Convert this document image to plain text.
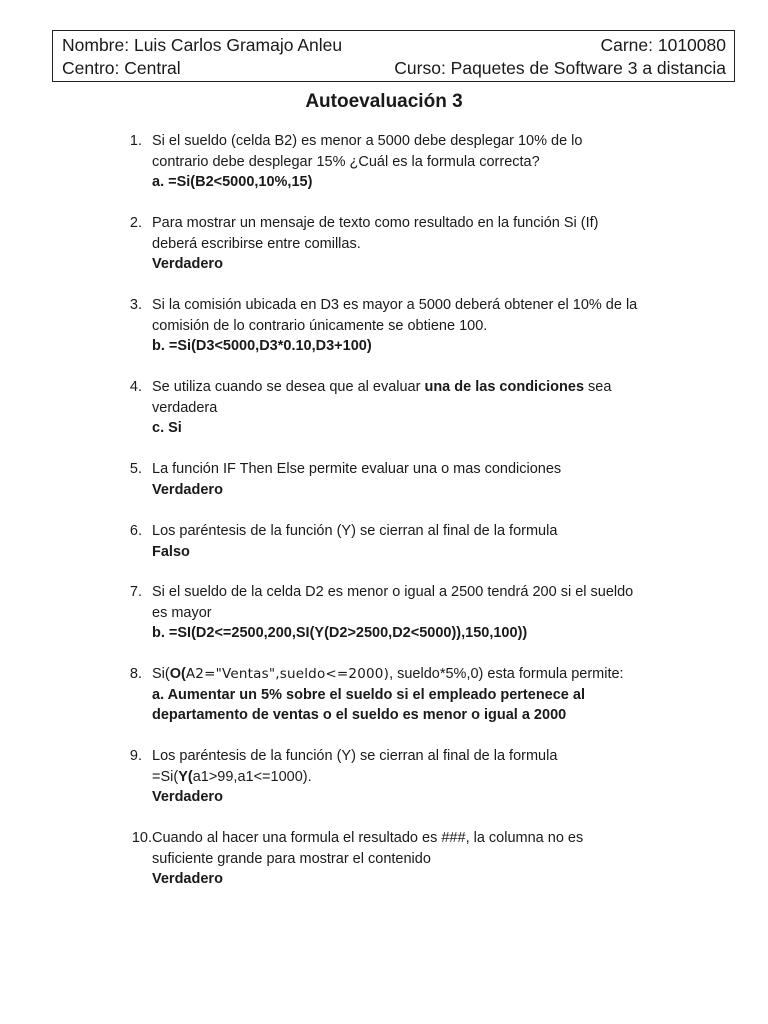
Nombre: Luis Carlos Gramajo Anleu	Carne: 1010080
Centro: Central	Curso: Paquetes de Software 3 a distancia
Autoevaluación 3
1. Si el sueldo (celda B2) es menor a 5000 debe desplegar 10% de lo
contrario debe desplegar 15% ¿Cuál es la formula correcta?
a. =Si(B2<5000,10%,15)
2. Para mostrar un mensaje de texto como resultado en la función Si (If)
deberá escribirse entre comillas.
Verdadero
3. Si la comisión ubicada en D3 es mayor a 5000 deberá obtener el 10% de la
comisión de lo contrario únicamente se obtiene 100.
b. =Si(D3<5000,D3*0.10,D3+100)
4. Se utiliza cuando se desea que al evaluar una de las condiciones sea
verdadera
c. Si
5. La función IF Then Else permite evaluar una o mas condiciones
Verdadero
6. Los paréntesis de la función (Y) se cierran al final de la formula
Falso
7. Si el sueldo de la celda D2 es menor o igual a 2500 tendrá 200 si el sueldo
es mayor
b. =SI(D2<=2500,200,SI(Y(D2>2500,D2<5000)),150,100))
8. Si(O(A2="Ventas",sueldo<=2000), sueldo*5%,0) esta formula permite:
a. Aumentar un 5% sobre el sueldo si el empleado pertenece al
departamento de ventas o el sueldo es menor o igual a 2000
9. Los paréntesis de la función (Y) se cierran al final de la formula
=Si(Y(a1>99,a1<=1000).
Verdadero
10. Cuando al hacer una formula el resultado es ###, la columna no es
suficiente grande para mostrar el contenido
Verdadero
